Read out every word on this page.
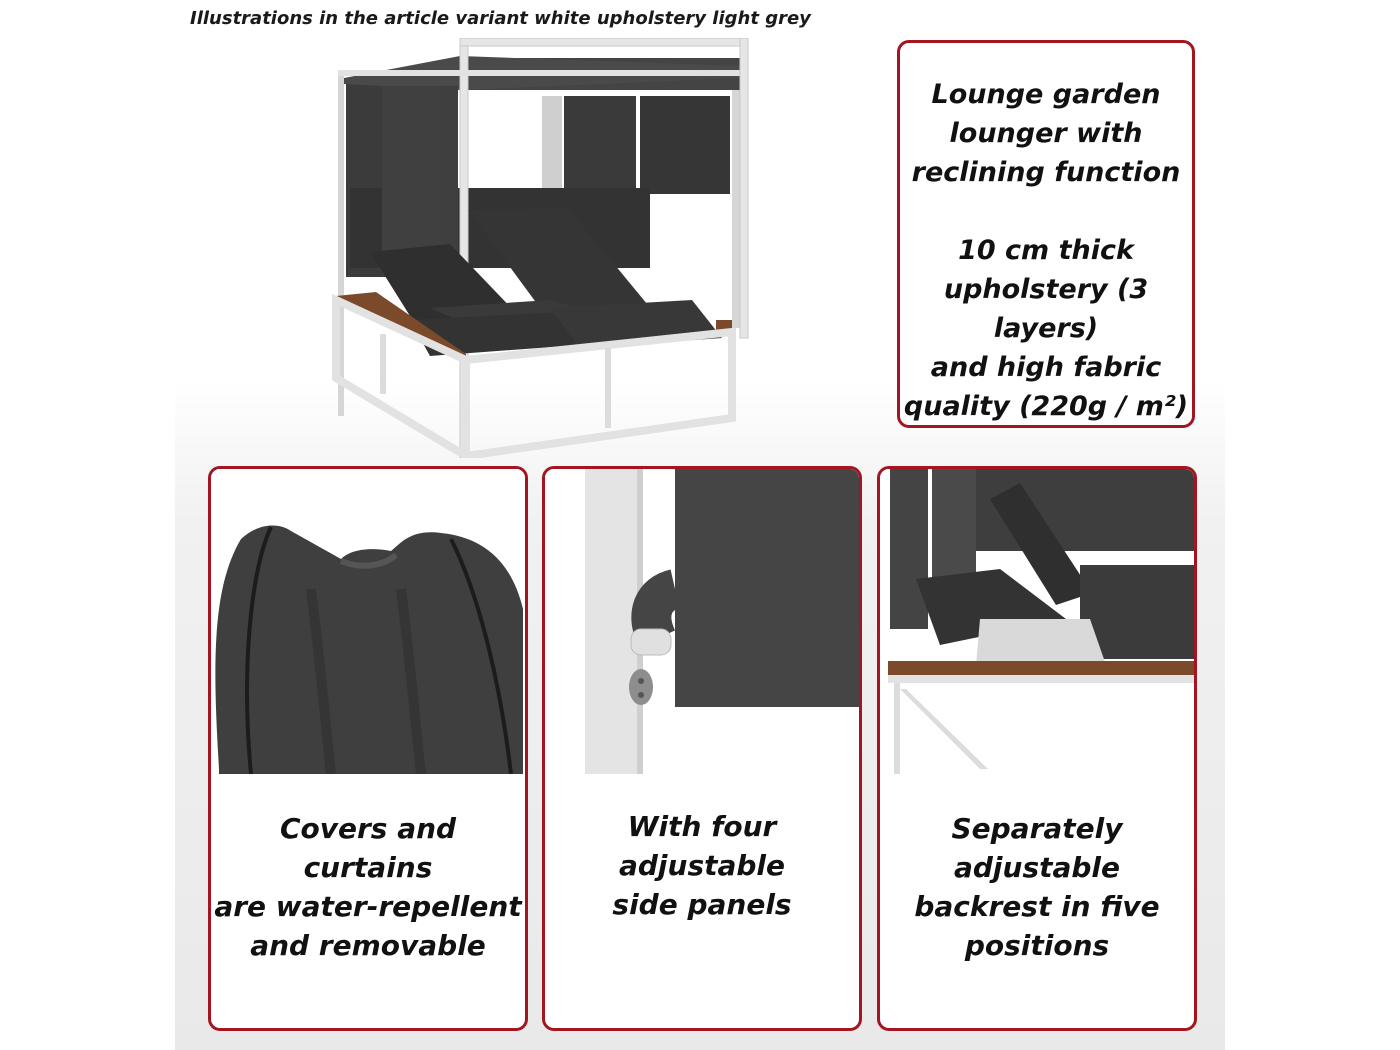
Illustrations in the article variant white upholstery light grey
Lounge garden
lounger with
reclining function
10 cm thick
upholstery (3 layers)
and high fabric
quality (220g / m²)
Covers and curtains
are water-repellent
and removable
With four adjustable
side panels
Separately adjustable
backrest in five
positions
